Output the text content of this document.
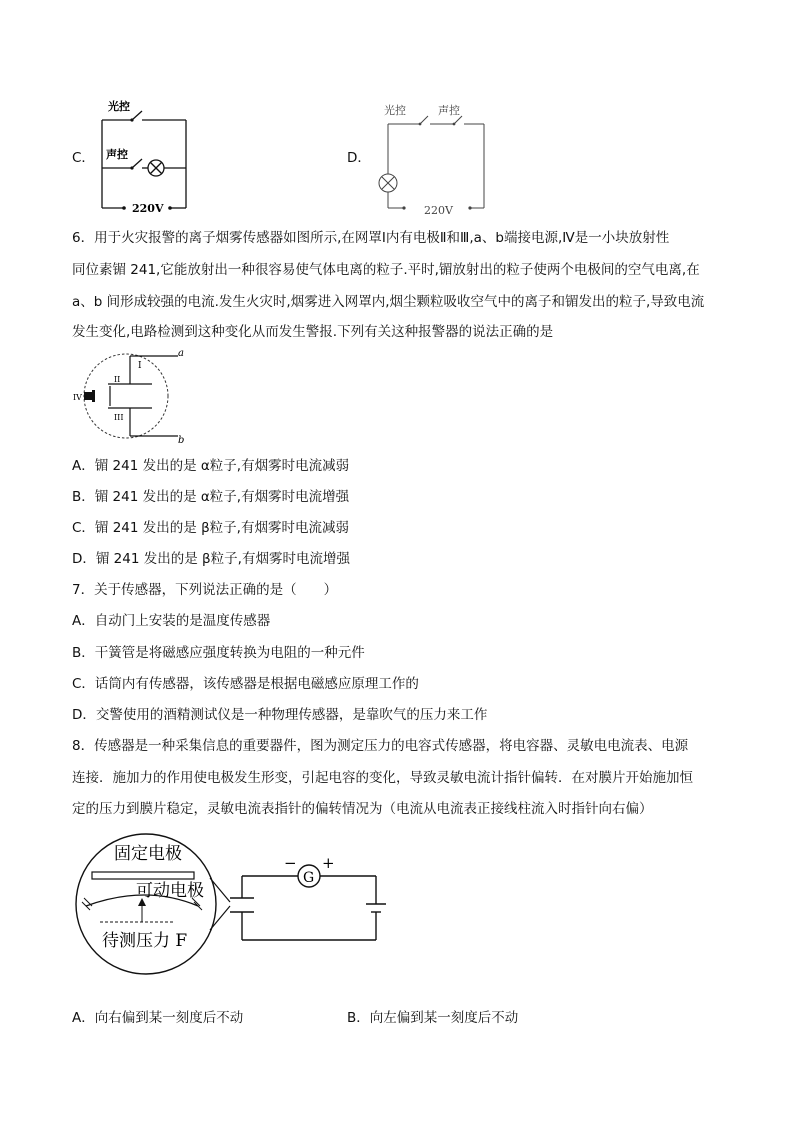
C．
光控
声控
220V
D．
光控	声控
220V
6．用于火灾报警的离子烟雾传感器如图所示,在网罩Ⅰ内有电极Ⅱ和Ⅲ,a、b端接电源,Ⅳ是一小块放射性
同位素镅 241,它能放射出一种很容易使气体电离的粒子.平时,镅放射出的粒子使两个电极间的空气电离,在
a、b 间形成较强的电流.发生火灾时,烟雾进入网罩内,烟尘颗粒吸收空气中的离子和镅发出的粒子,导致电流
发生变化,电路检测到这种变化从而发生警报.下列有关这种报警器的说法正确的是
a
b
I
II
III
IV
A．镅 241 发出的是 α粒子,有烟雾时电流减弱
B．镅 241 发出的是 α粒子,有烟雾时电流增强
C．镅 241 发出的是 β粒子,有烟雾时电流减弱
D．镅 241 发出的是 β粒子,有烟雾时电流增强
7．关于传感器，下列说法正确的是（　　）
A．自动门上安装的是温度传感器
B．干簧管是将磁感应强度转换为电阻的一种元件
C．话筒内有传感器，该传感器是根据电磁感应原理工作的
D．交警使用的酒精测试仪是一种物理传感器，是靠吹气的压力来工作
8．传感器是一种采集信息的重要器件，图为测定压力的电容式传感器，将电容器、灵敏电电流表、电源
连接．施加力的作用使电极发生形变，引起电容的变化，导致灵敏电流计指针偏转．在对膜片开始施加恒
定的压力到膜片稳定，灵敏电流表指针的偏转情况为（电流从电流表正接线柱流入时指针向右偏）
固定电极
可动电极
待测压力 F
G
− +
A．向右偏到某一刻度后不动	B．向左偏到某一刻度后不动
